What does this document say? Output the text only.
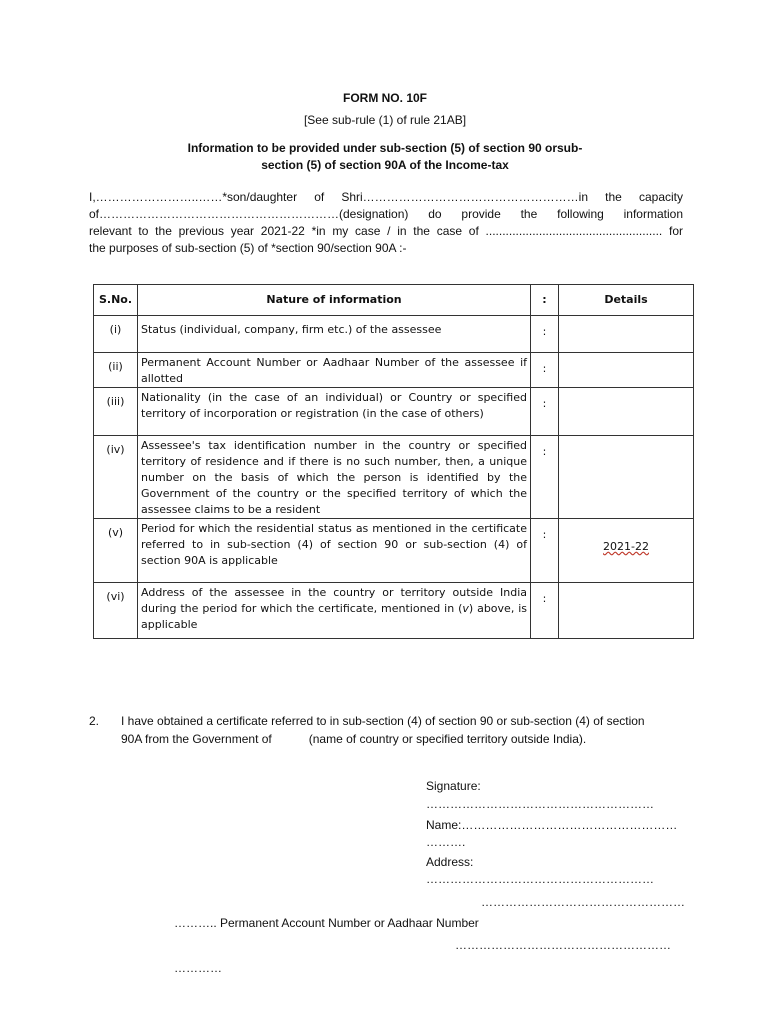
FORM NO. 10F
[See sub-rule (1) of rule 21AB]
Information to be provided under sub-section (5) of section 90 orsub-
section (5) of section 90A of the Income-tax

I,……………………..……*son/daughter of Shri………………………………………………in the capacity

of……………………………………………………(designation) do provide the following information

relevant to the previous year 2021-22 *in my case / in the case of ..................................................... for

the purposes of sub-section (5) of *section 90/section 90A :-

S.No.	Nature of information	:	Details
(i)	Status (individual, company, firm etc.) of the assessee	:	
(ii)	Permanent Account Number or Aadhaar Number of the assessee if allotted	:	
(iii)	Nationality (in the case of an individual) or Country or specified territory of incorporation or registration (in the case of others)	:	
(iv)	Assessee's tax identification number in the country or specified territory of residence and if there is no such number, then, a unique number on the basis of which the person is identified by the Government of the country or the specified territory of which the assessee claims to be a resident	:	
(v)	Period for which the residential status as mentioned in the certificate referred to in sub-section (4) of section 90 or sub-section (4) of section 90A is applicable	:	2021-22
(vi)	Address of the assessee in the country or territory outside India during the period for which the certificate, mentioned in (v) above, is applicable	:	
2. I have obtained a certificate referred to in sub-section (4) of section 90 or sub-section (4) of section
90A from the Government of	(name of country or specified territory outside India).
Signature:
…………………………………………………
Name:………………………………………………
……….
Address:
…………………………………………………
……………………………………………
……….. Permanent Account Number or Aadhaar Number
………………………………………………
…………
